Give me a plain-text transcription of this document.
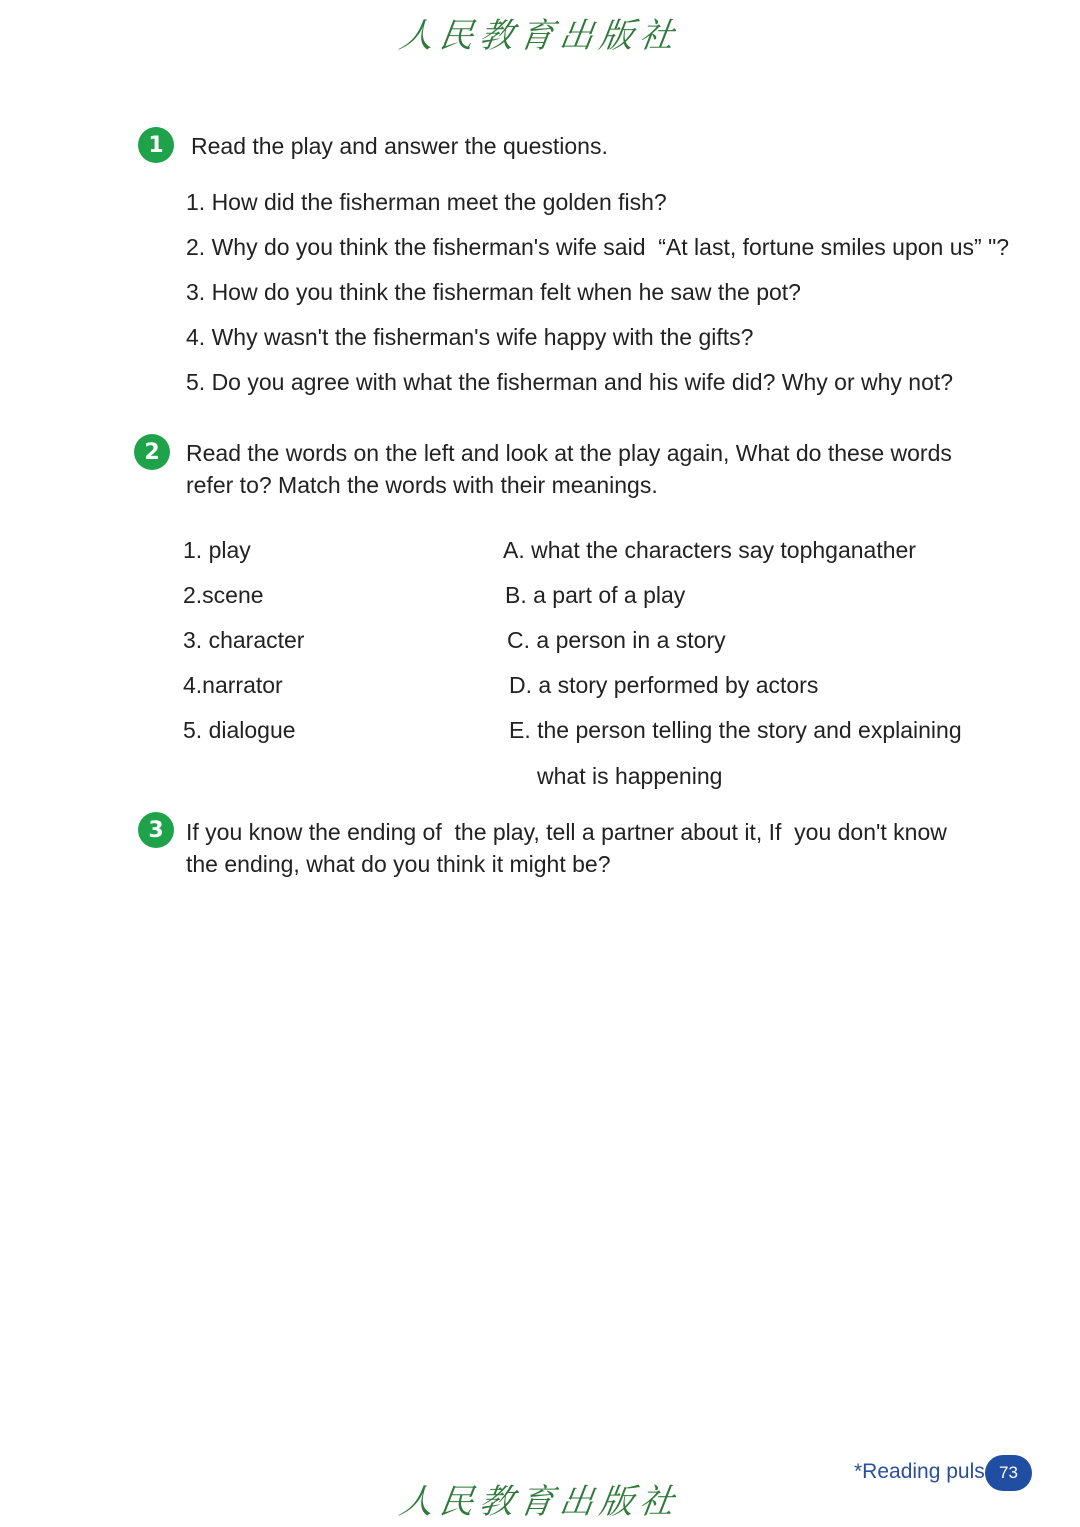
人民教育出版社
1	Read the play and answer the questions.
1. How did the fisherman meet the golden fish?
2. Why do you think the fisherman's wife said  “At last, fortune smiles upon us” "?
3. How do you think the fisherman felt when he saw the pot?
4. Why wasn't the fisherman's wife happy with the gifts?
5. Do you agree with what the fisherman and his wife did? Why or why not?
2	Read the words on the left and look at the play again, What do these words
refer to? Match the words with their meanings.
1. play
2.scene
3. character
4.narrator
5. dialogue
A. what the characters say tophganather
B. a part of a play
C. a person in a story
D. a story performed by actors
E. the person telling the story and explaining
what is happening
3 If you know the ending of  the play, tell a partner about it, If  you don't know
the ending, what do you think it might be?
人民教育出版社
*Reading puls 73
